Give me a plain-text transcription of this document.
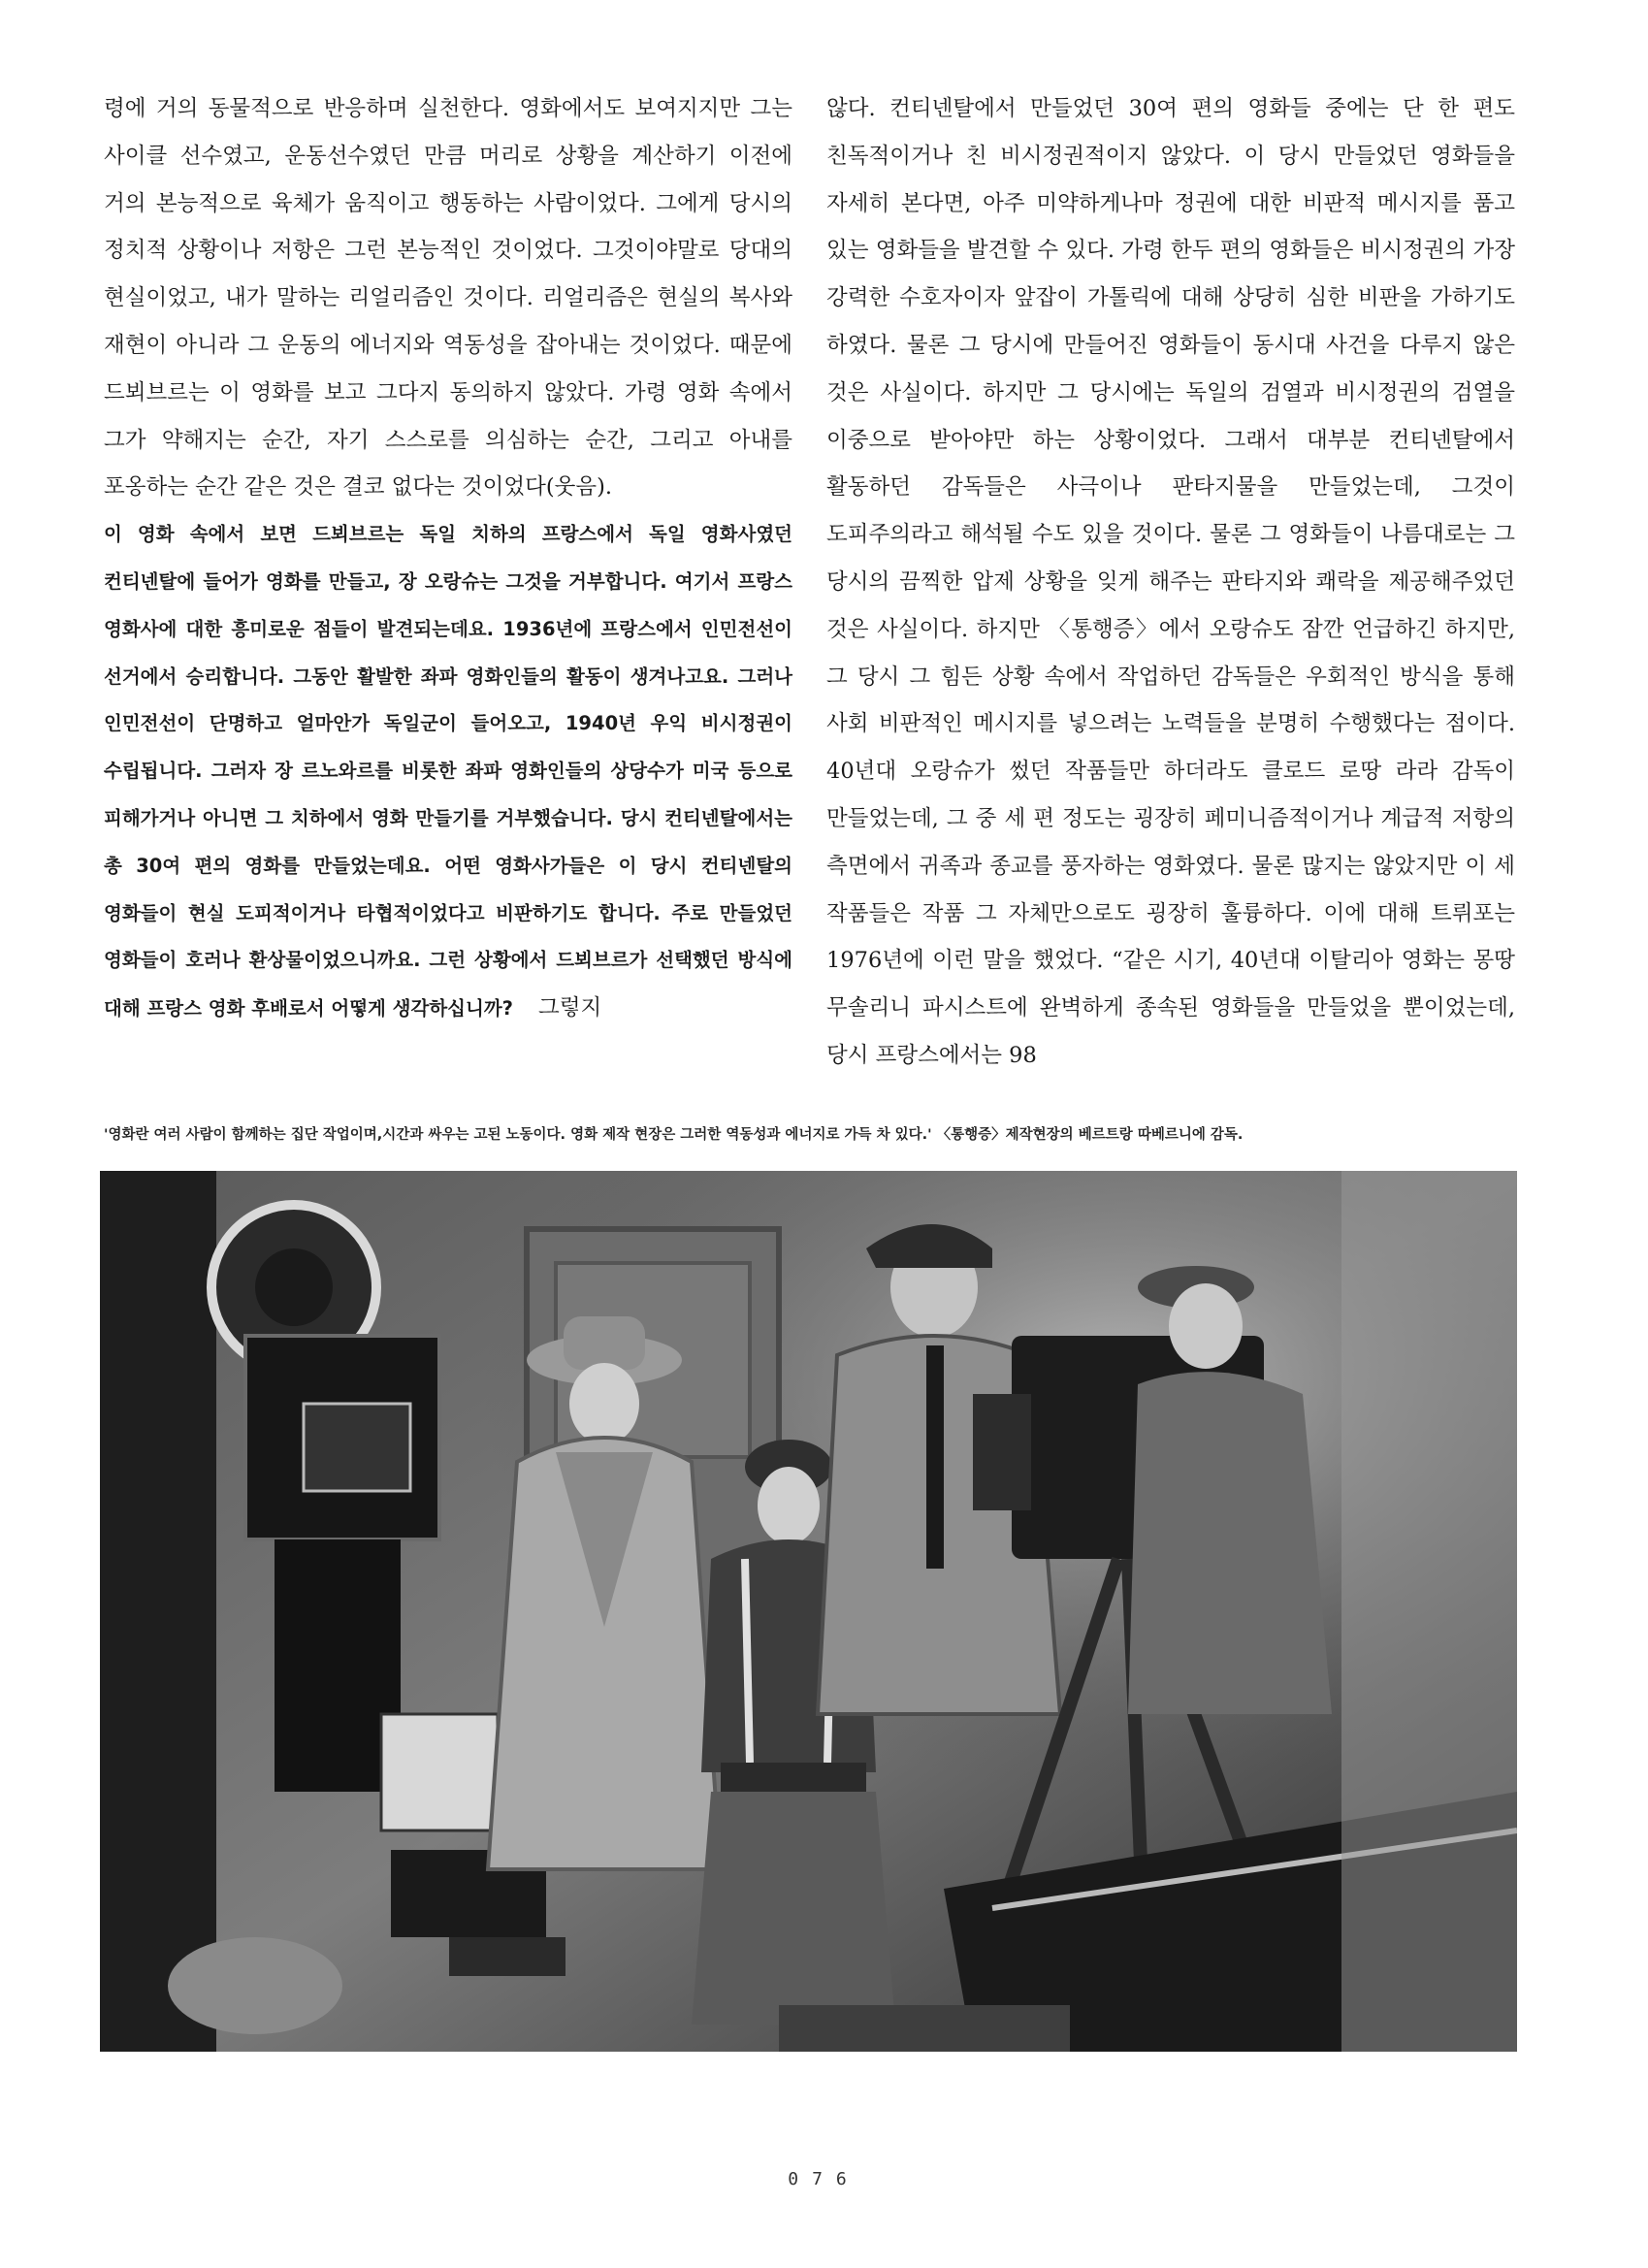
령에 거의 동물적으로 반응하며 실천한다. 영화에서도 보여지지만 그는 사이클 선수였고, 운동선수였던 만큼 머리로 상황을 계산하기 이전에 거의 본능적으로 육체가 움직이고 행동하는 사람이었다. 그에게 당시의 정치적 상황이나 저항은 그런 본능적인 것이었다. 그것이야말로 당대의 현실이었고, 내가 말하는 리얼리즘인 것이다. 리얼리즘은 현실의 복사와 재현이 아니라 그 운동의 에너지와 역동성을 잡아내는 것이었다. 때문에 드뵈브르는 이 영화를 보고 그다지 동의하지 않았다. 가령 영화 속에서 그가 약해지는 순간, 자기 스스로를 의심하는 순간, 그리고 아내를 포옹하는 순간 같은 것은 결코 없다는 것이었다(웃음).

이 영화 속에서 보면 드뵈브르는 독일 치하의 프랑스에서 독일 영화사였던 컨티넨탈에 들어가 영화를 만들고, 장 오랑슈는 그것을 거부합니다. 여기서 프랑스 영화사에 대한 흥미로운 점들이 발견되는데요. 1936년에 프랑스에서 인민전선이 선거에서 승리합니다. 그동안 활발한 좌파 영화인들의 활동이 생겨나고요. 그러나 인민전선이 단명하고 얼마안가 독일군이 들어오고, 1940년 우익 비시정권이 수립됩니다. 그러자 장 르노와르를 비롯한 좌파 영화인들의 상당수가 미국 등으로 피해가거나 아니면 그 치하에서 영화 만들기를 거부했습니다. 당시 컨티넨탈에서는 총 30여 편의 영화를 만들었는데요. 어떤 영화사가들은 이 당시 컨티넨탈의 영화들이 현실 도피적이거나 타협적이었다고 비판하기도 합니다. 주로 만들었던 영화들이 호러나 환상물이었으니까요. 그런 상황에서 드뵈브르가 선택했던 방식에 대해 프랑스 영화 후배로서 어떻게 생각하십니까? 그렇지

않다. 컨티넨탈에서 만들었던 30여 편의 영화들 중에는 단 한 편도 친독적이거나 친 비시정권적이지 않았다. 이 당시 만들었던 영화들을 자세히 본다면, 아주 미약하게나마 정권에 대한 비판적 메시지를 품고 있는 영화들을 발견할 수 있다. 가령 한두 편의 영화들은 비시정권의 가장 강력한 수호자이자 앞잡이 가톨릭에 대해 상당히 심한 비판을 가하기도 하였다. 물론 그 당시에 만들어진 영화들이 동시대 사건을 다루지 않은 것은 사실이다. 하지만 그 당시에는 독일의 검열과 비시정권의 검열을 이중으로 받아야만 하는 상황이었다. 그래서 대부분 컨티넨탈에서 활동하던 감독들은 사극이나 판타지물을 만들었는데, 그것이 도피주의라고 해석될 수도 있을 것이다. 물론 그 영화들이 나름대로는 그 당시의 끔찍한 압제 상황을 잊게 해주는 판타지와 쾌락을 제공해주었던 것은 사실이다. 하지만 〈통행증〉에서 오랑슈도 잠깐 언급하긴 하지만, 그 당시 그 힘든 상황 속에서 작업하던 감독들은 우회적인 방식을 통해 사회 비판적인 메시지를 넣으려는 노력들을 분명히 수행했다는 점이다. 40년대 오랑슈가 썼던 작품들만 하더라도 클로드 로땅 라라 감독이 만들었는데, 그 중 세 편 정도는 굉장히 페미니즘적이거나 계급적 저항의 측면에서 귀족과 종교를 풍자하는 영화였다. 물론 많지는 않았지만 이 세 작품들은 작품 그 자체만으로도 굉장히 훌륭하다. 이에 대해 트뤼포는 1976년에 이런 말을 했었다. “같은 시기, 40년대 이탈리아 영화는 몽땅 무솔리니 파시스트에 완벽하게 종속된 영화들을 만들었을 뿐이었는데, 당시 프랑스에서는 98

'영화란 여러 사람이 함께하는 집단 작업이며,시간과 싸우는 고된 노동이다. 영화 제작 현장은 그러한 역동성과 에너지로 가득 차 있다.' 〈통행증〉제작현장의 베르트랑 따베르니에 감독.
076
